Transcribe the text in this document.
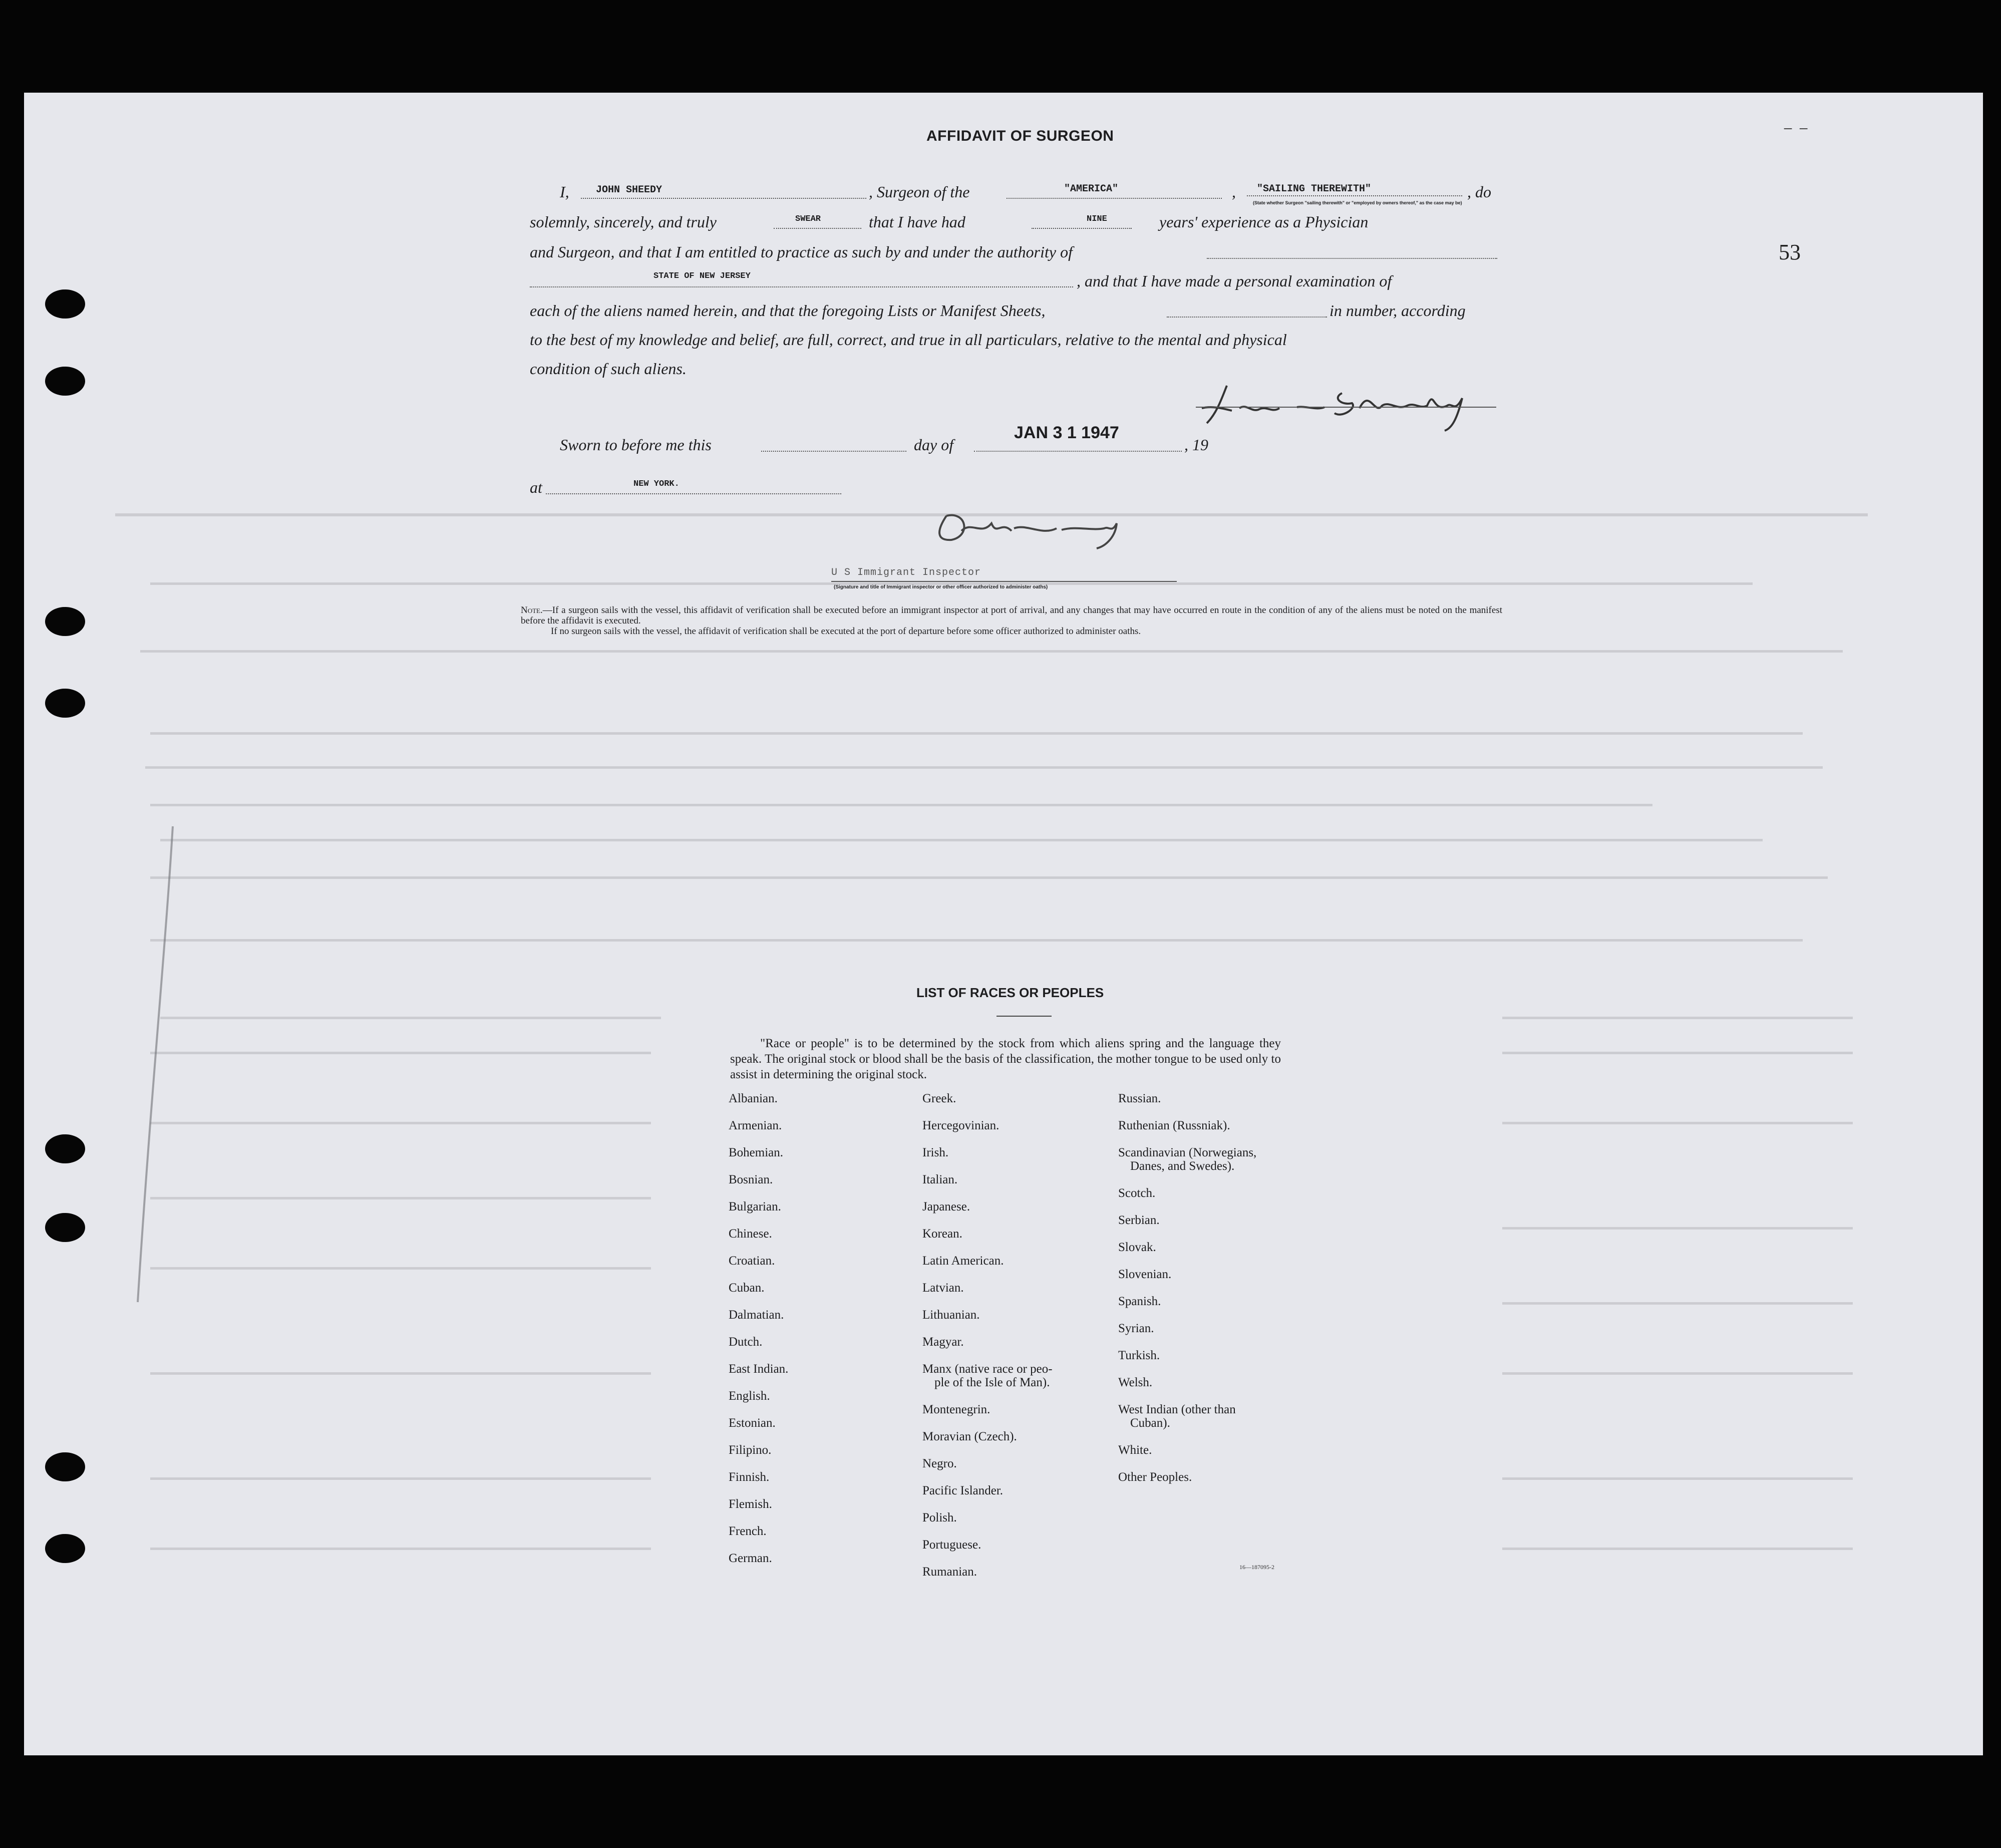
⁻ ⁻
53
AFFIDAVIT OF SURGEON
I,	JOHN SHEEDY	, Surgeon of the	"AMERICA"	, "SAILING THEREWITH"
(State whether Surgeon "sailing therewith" or "employed by owners thereof," as the case may be)
, do
solemnly, sincerely, and truly	SWEAR	that I have had	NINE	years' experience as a Physician
and Surgeon, and that I am entitled to practice as such by and under the authority of
STATE OF NEW JERSEY	, and that I have made a personal examination of
each of the aliens named herein, and that the foregoing Lists or Manifest Sheets,	in number, according
to the best of my knowledge and belief, are full, correct, and true in all particulars, relative to the mental and physical
condition of such aliens.
Sworn to before me this	day of
JAN 3 1 1947
, 19
at	NEW YORK.
U S Immigrant Inspector
(Signature and title of Immigrant inspector or other officer authorized to administer oaths)
Note.—If a surgeon sails with the vessel, this affidavit of verification shall be executed before an immigrant inspector at port of arrival, and any changes that may have occurred en route in the condition of any of the aliens must be noted on the manifest before the affidavit is executed.
If no surgeon sails with the vessel, the affidavit of verification shall be executed at the port of departure before some officer authorized to administer oaths.
LIST OF RACES OR PEOPLES
"Race or people" is to be determined by the stock from which aliens spring and the language they speak. The original stock or blood shall be the basis of the classification, the mother tongue to be used only to assist in determining the original stock.
Albanian.
Armenian.
Bohemian.
Bosnian.
Bulgarian.
Chinese.
Croatian.
Cuban.
Dalmatian.
Dutch.
East Indian.
English.
Estonian.
Filipino.
Finnish.
Flemish.
French.
German.
Greek.
Hercegovinian.
Irish.
Italian.
Japanese.
Korean.
Latin American.
Latvian.
Lithuanian.
Magyar.
Manx (native race or peo-
ple of the Isle of Man).
Montenegrin.
Moravian (Czech).
Negro.
Pacific Islander.
Polish.
Portuguese.
Rumanian.
Russian.
Ruthenian (Russniak).
Scandinavian (Norwegians,
Danes, and Swedes).
Scotch.
Serbian.
Slovak.
Slovenian.
Spanish.
Syrian.
Turkish.
Welsh.
West Indian (other than
Cuban).
White.
Other Peoples.
16—187095-2
